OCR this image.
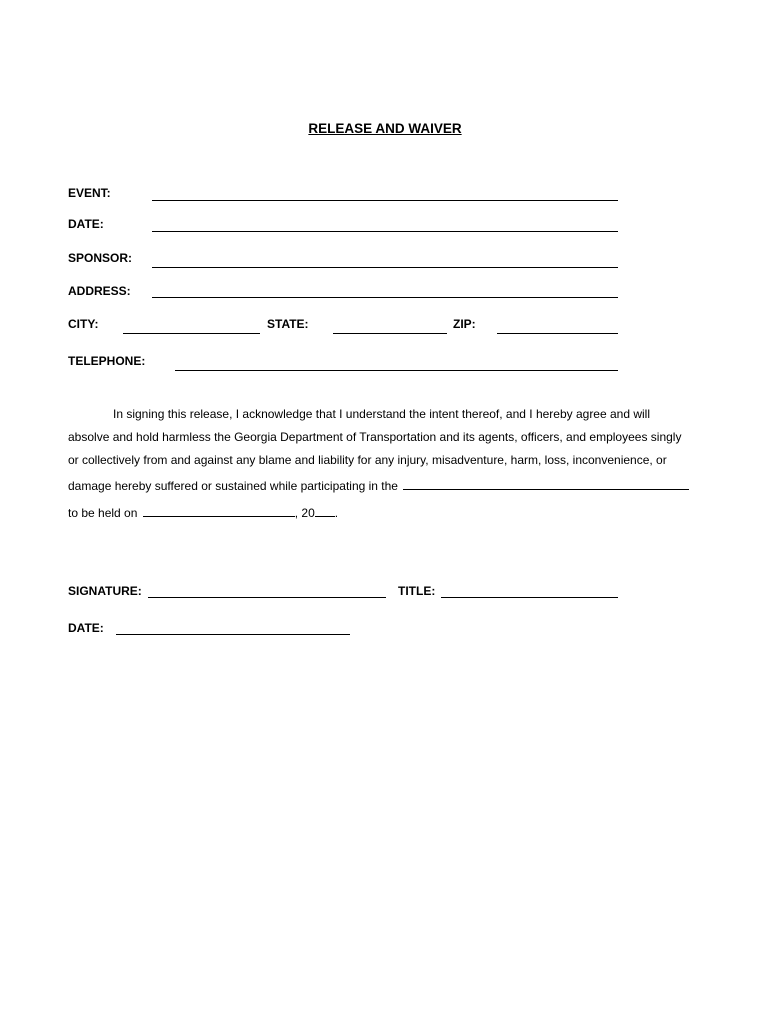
RELEASE AND WAIVER
EVENT:
DATE:
SPONSOR:
ADDRESS:
CITY:	STATE:	ZIP:
TELEPHONE:
In signing this release, I acknowledge that I understand the intent thereof, and I hereby agree and will
absolve and hold harmless the Georgia Department of Transportation and its agents, officers, and employees singly
or collectively from and against any blame and liability for any injury, misadventure, harm, loss, inconvenience, or
damage hereby suffered or sustained while participating in the
to be held on	, 20 .
SIGNATURE:	TITLE:
DATE:
